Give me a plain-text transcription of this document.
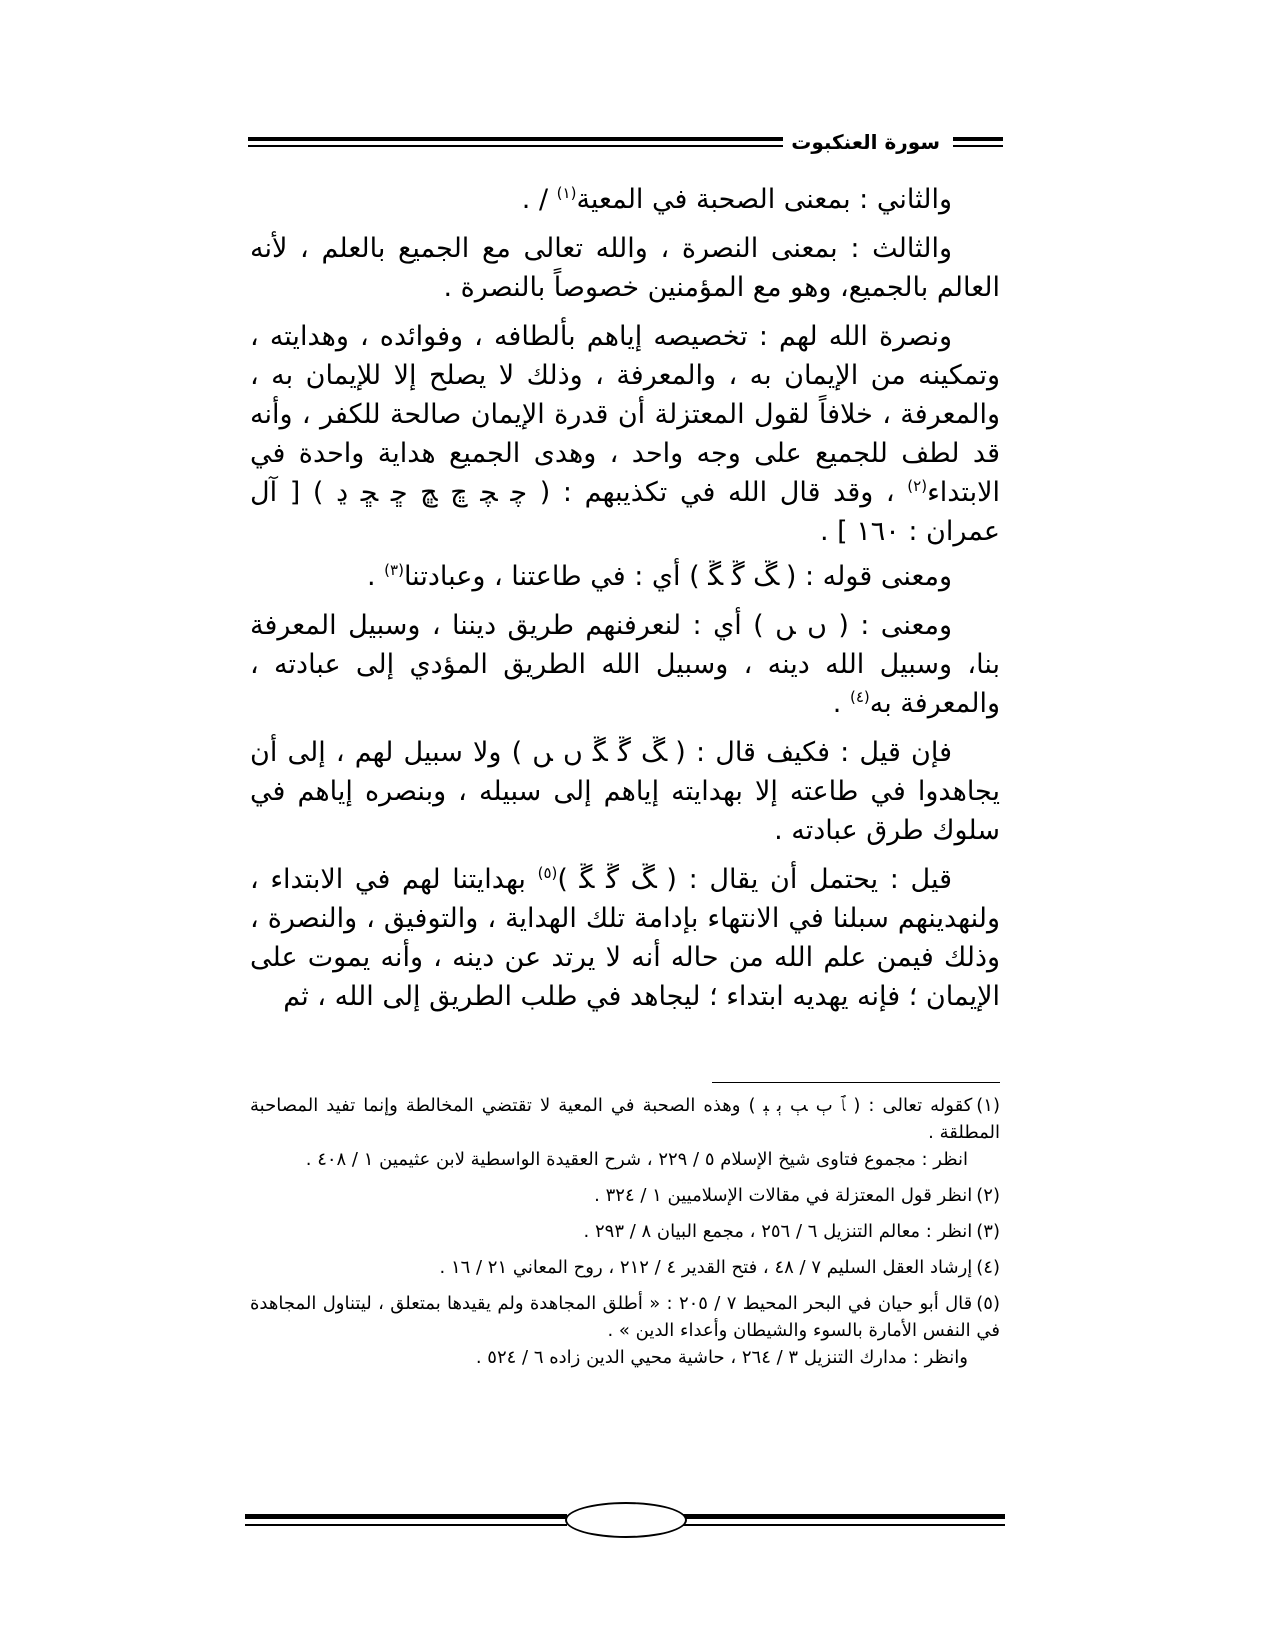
سورة العنكبوت

والثاني : بمعنى الصحبة في المعية$^{(١)}$ / .

والثالث : بمعنى النصرة ، والله تعالى مع الجميع بالعلم ، لأنه العالم بالجميع، وهو مع المؤمنين خصوصاً بالنصرة .

ونصرة الله لهم : تخصيصه إياهم بألطافه ، وفوائده ، وهدايته ، وتمكينه من الإيمان به ، والمعرفة ، وذلك لا يصلح إلا للإيمان به ، والمعرفة ، خلافاً لقول المعتزلة أن قدرة الإيمان صالحة للكفر ، وأنه قد لطف للجميع على وجه واحد ، وهدى الجميع هداية واحدة في الابتداء$^{(٢)}$ ، وقد قال الله في تكذيبهم : ( ﭼ ﭽ ﭾ ﭿ ﮀ ﮁ ﮂ ) [ آل عمران : ١٦٠ ] .

ومعنى قوله : ( ﮛ ﮜ ﮝ ) أي : في طاعتنا ، وعبادتنا$^{(٣)}$ .

ومعنى : ( ﮞ ﮟ ) أي : لنعرفنهم طريق ديننا ، وسبيل المعرفة بنا، وسبيل الله دينه ، وسبيل الله الطريق المؤدي إلى عبادته ، والمعرفة به$^{(٤)}$ .

فإن قيل : فكيف قال : ( ﮛ ﮜ ﮝ ﮞ ﮟ ) ولا سبيل لهم ، إلى أن يجاهدوا في طاعته إلا بهدايته إياهم إلى سبيله ، وبنصره إياهم في سلوك طرق عبادته .

قيل : يحتمل أن يقال : ( ﮛ ﮜ ﮝ )$^{(٥)}$ بهدايتنا لهم في الابتداء ، ولنهدينهم سبلنا في الانتهاء بإدامة تلك الهداية ، والتوفيق ، والنصرة ، وذلك فيمن علم الله من حاله أنه لا يرتد عن دينه ، وأنه يموت على الإيمان ؛ فإنه يهديه ابتداء ؛ ليجاهد في طلب الطريق إلى الله ، ثم

(١)كقوله تعالى : ( ﭑ ﭒ ﭓ ﭔ ﭕ ) وهذه الصحبة في المعية لا تقتضي المخالطة وإنما تفيد المصاحبة المطلقة .
انظر : مجموع فتاوى شيخ الإسلام ٥ / ٢٢٩ ، شرح العقيدة الواسطية لابن عثيمين ١ / ٤٠٨ .
(٢)انظر قول المعتزلة في مقالات الإسلاميين ١ / ٣٢٤ .
(٣)انظر : معالم التنزيل ٦ / ٢٥٦ ، مجمع البيان ٨ / ٢٩٣ .
(٤)إرشاد العقل السليم ٧ / ٤٨ ، فتح القدير ٤ / ٢١٢ ، روح المعاني ٢١ / ١٦ .
(٥)قال أبو حيان في البحر المحيط ٧ / ٢٠٥ : « أطلق المجاهدة ولم يقيدها بمتعلق ، ليتناول المجاهدة في النفس الأمارة بالسوء والشيطان وأعداء الدين » .
وانظر : مدارك التنزيل ٣ / ٢٦٤ ، حاشية محيي الدين زاده ٦ / ٥٢٤ .
